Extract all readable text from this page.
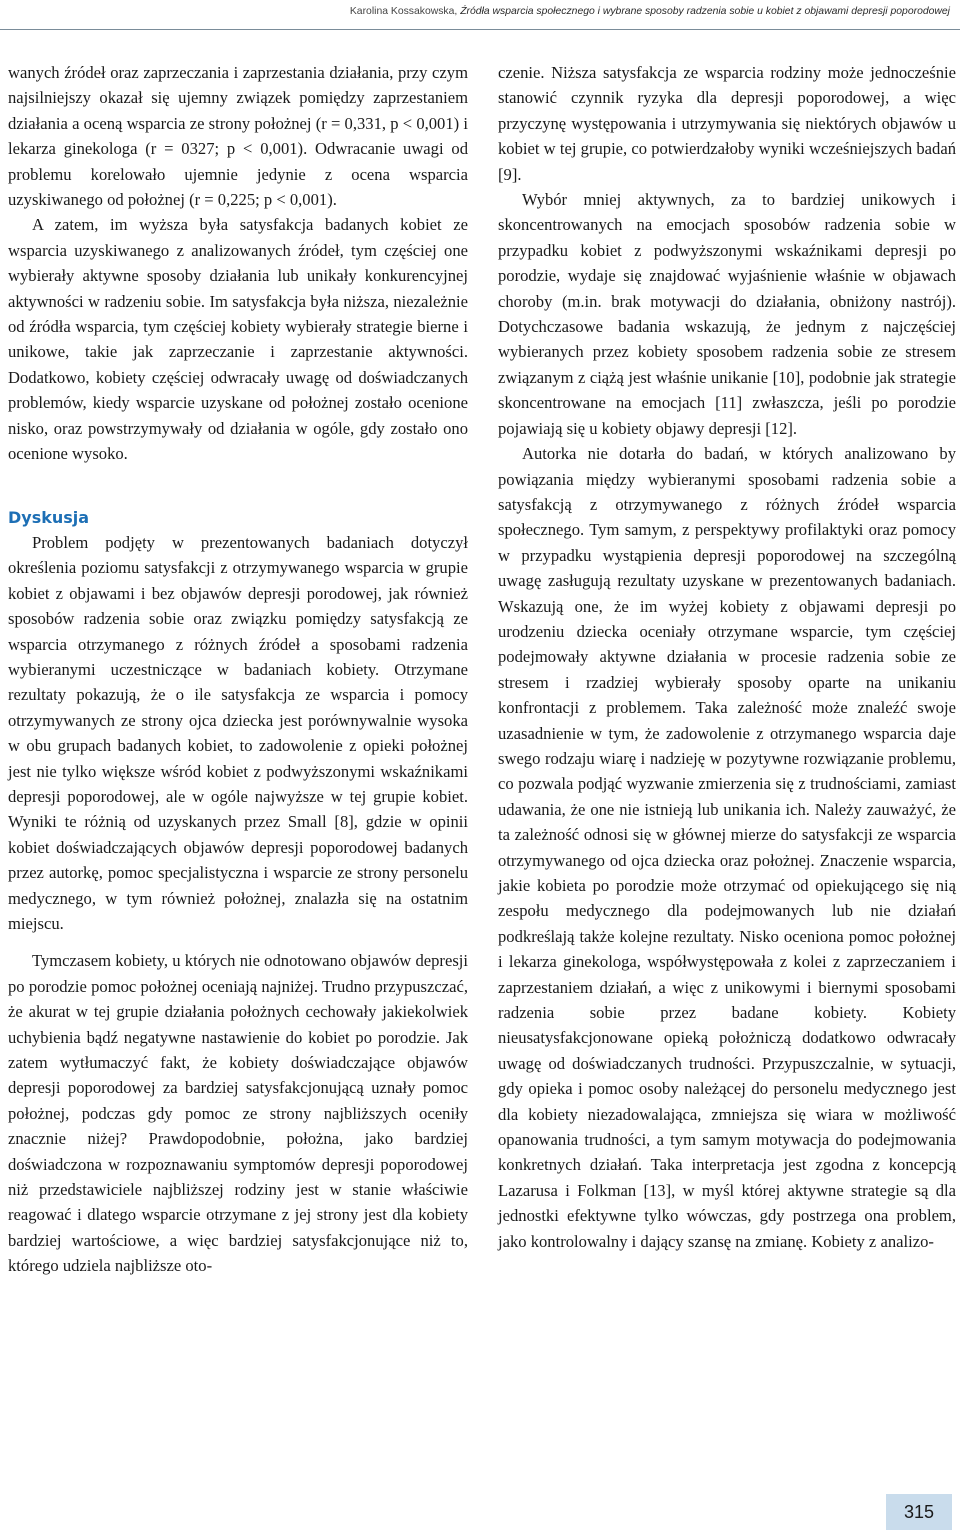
Karolina Kossakowska, Źródła wsparcia społecznego i wybrane sposoby radzenia sobie u kobiet z objawami depresji poporodowej

wanych źródeł oraz zaprzeczania i zaprzestania działania, przy czym najsilniejszy okazał się ujemny związek pomiędzy zaprzestaniem działania a oceną wsparcia ze strony położnej (r = 0,331, p < 0,001) i lekarza ginekologa (r = 0327; p < 0,001). Odwracanie uwagi od problemu korelowało ujemnie jedynie z ocena wsparcia uzyskiwanego od położnej (r = 0,225; p < 0,001).

A zatem, im wyższa była satysfakcja badanych kobiet ze wsparcia uzyskiwanego z analizowanych źródeł, tym częściej one wybierały aktywne sposoby działania lub unikały konkurencyjnej aktywności w radzeniu sobie. Im satysfakcja była niższa, niezależnie od źródła wsparcia, tym częściej kobiety wybierały strategie bierne i unikowe, takie jak zaprzeczanie i zaprzestanie aktywności. Dodatkowo, kobiety częściej odwracały uwagę od doświadczanych problemów, kiedy wsparcie uzyskane od położnej zostało ocenione nisko, oraz powstrzymywały od działania w ogóle, gdy zostało ono ocenione wysoko.

Dyskusja

Problem podjęty w prezentowanych badaniach dotyczył określenia poziomu satysfakcji z otrzymywanego wsparcia w grupie kobiet z objawami i bez objawów depresji porodowej, jak również sposobów radzenia sobie oraz związku pomiędzy satysfakcją ze wsparcia otrzymanego z różnych źródeł a sposobami radzenia wybieranymi uczestniczące w badaniach kobiety. Otrzymane rezultaty pokazują, że o ile satysfakcja ze wsparcia i pomocy otrzymywanych ze strony ojca dziecka jest porównywalnie wysoka w obu grupach badanych kobiet, to zadowolenie z opieki położnej jest nie tylko większe wśród kobiet z podwyższonymi wskaźnikami depresji poporodowej, ale w ogóle najwyższe w tej grupie kobiet. Wyniki te różnią od uzyskanych przez Small [8], gdzie w opinii kobiet doświadczających objawów depresji poporodowej badanych przez autorkę, pomoc specjalistyczna i wsparcie ze strony personelu medycznego, w tym również położnej, znalazła się na ostatnim miejscu.

Tymczasem kobiety, u których nie odnotowano objawów depresji po porodzie pomoc położnej oceniają najniżej. Trudno przypuszczać, że akurat w tej grupie działania położnych cechowały jakiekolwiek uchybienia bądź negatywne nastawienie do kobiet po porodzie. Jak zatem wytłumaczyć fakt, że kobiety doświadczające objawów depresji poporodowej za bardziej satysfakcjonującą uznały pomoc położnej, podczas gdy pomoc ze strony najbliższych oceniły znacznie niżej? Prawdopodobnie, położna, jako bardziej doświadczona w rozpoznawaniu symptomów depresji poporodowej niż przedstawiciele najbliższej rodziny jest w stanie właściwie reagować i dlatego wsparcie otrzymane z jej strony jest dla kobiety bardziej wartościowe, a więc bardziej satysfakcjonujące niż to, którego udziela najbliższe oto-

czenie. Niższa satysfakcja ze wsparcia rodziny może jednocześnie stanowić czynnik ryzyka dla depresji poporodowej, a więc przyczynę występowania i utrzymywania się niektórych objawów u kobiet w tej grupie, co potwierdzałoby wyniki wcześniejszych badań [9].

Wybór mniej aktywnych, za to bardziej unikowych i skoncentrowanych na emocjach sposobów radzenia sobie w przypadku kobiet z podwyższonymi wskaźnikami depresji po porodzie, wydaje się znajdować wyjaśnienie właśnie w objawach choroby (m.in. brak motywacji do działania, obniżony nastrój). Dotychczasowe badania wskazują, że jednym z najczęściej wybieranych przez kobiety sposobem radzenia sobie ze stresem związanym z ciążą jest właśnie unikanie [10], podobnie jak strategie skoncentrowane na emocjach [11] zwłaszcza, jeśli po porodzie pojawiają się u kobiety objawy depresji [12].

Autorka nie dotarła do badań, w których analizowano by powiązania między wybieranymi sposobami radzenia sobie a satysfakcją z otrzymywanego z różnych źródeł wsparcia społecznego. Tym samym, z perspektywy profilaktyki oraz pomocy w przypadku wystąpienia depresji poporodowej na szczególną uwagę zasługują rezultaty uzyskane w prezentowanych badaniach. Wskazują one, że im wyżej kobiety z objawami depresji po urodzeniu dziecka oceniały otrzymane wsparcie, tym częściej podejmowały aktywne działania w procesie radzenia sobie ze stresem i rzadziej wybierały sposoby oparte na unikaniu konfrontacji z problemem. Taka zależność może znaleźć swoje uzasadnienie w tym, że zadowolenie z otrzymanego wsparcia daje swego rodzaju wiarę i nadzieję w pozytywne rozwiązanie problemu, co pozwala podjąć wyzwanie zmierzenia się z trudnościami, zamiast udawania, że one nie istnieją lub unikania ich. Należy zauważyć, że ta zależność odnosi się w głównej mierze do satysfakcji ze wsparcia otrzymywanego od ojca dziecka oraz położnej. Znaczenie wsparcia, jakie kobieta po porodzie może otrzymać od opiekującego się nią zespołu medycznego dla podejmowanych lub nie działań podkreślają także kolejne rezultaty. Nisko oceniona pomoc położnej i lekarza ginekologa, współwystępowała z kolei z zaprzeczaniem i zaprzestaniem działań, a więc z unikowymi i biernymi sposobami radzenia sobie przez badane kobiety. Kobiety nieusatysfakcjonowane opieką położniczą dodatkowo odwracały uwagę od doświadczanych trudności. Przypuszczalnie, w sytuacji, gdy opieka i pomoc osoby należącej do personelu medycznego jest dla kobiety niezadowalająca, zmniejsza się wiara w możliwość opanowania trudności, a tym samym motywacja do podejmowania konkretnych działań. Taka interpretacja jest zgodna z koncepcją Lazarusa i Folkman [13], w myśl której aktywne strategie są dla jednostki efektywne tylko wówczas, gdy postrzega ona problem, jako kontrolowalny i dający szansę na zmianę. Kobiety z analizo-

315
